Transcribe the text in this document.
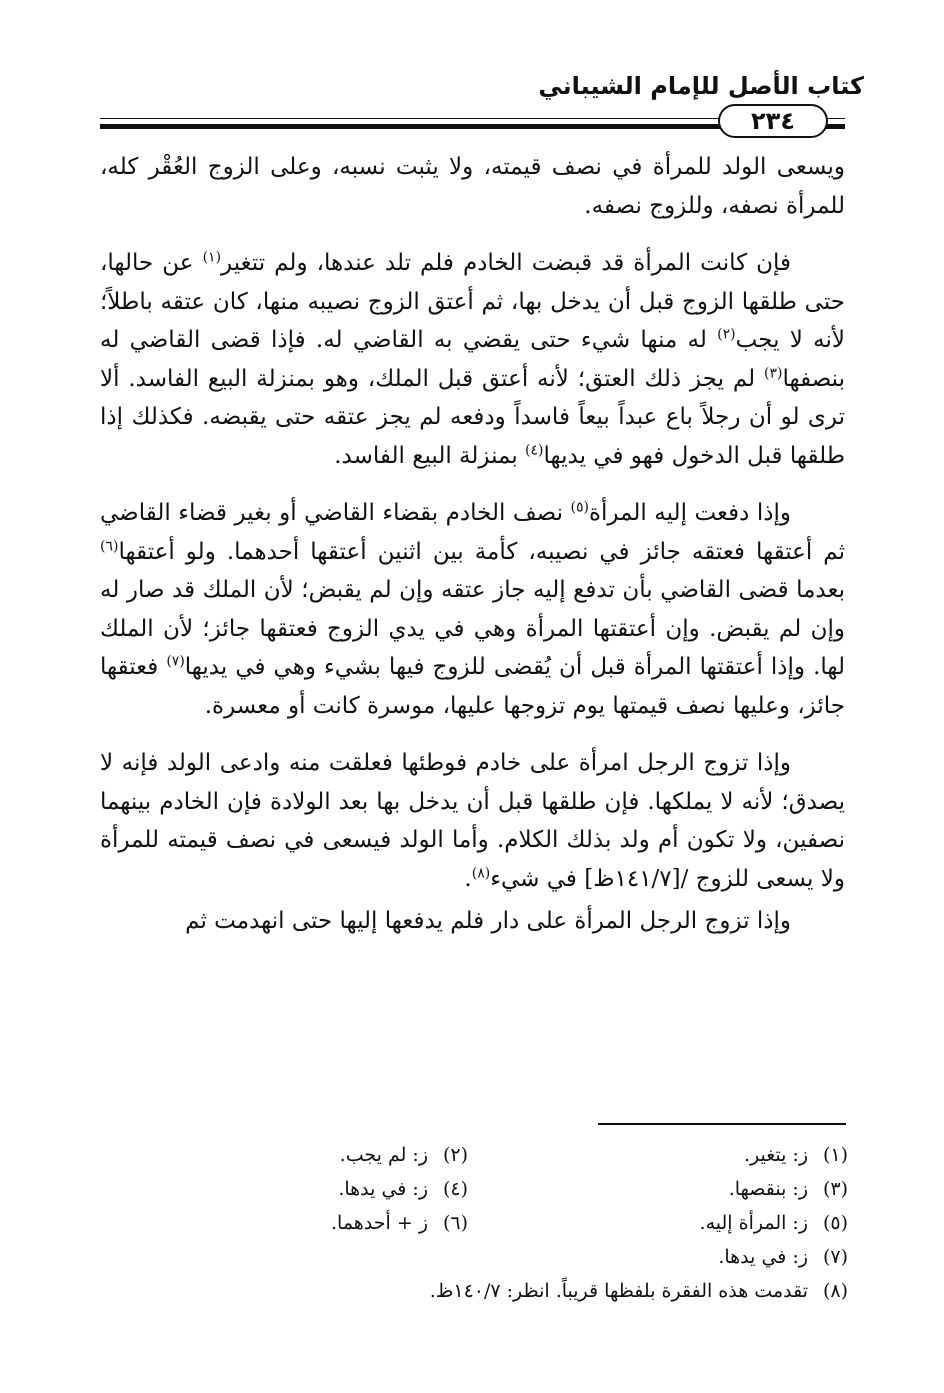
كتاب الأصل للإمام الشيباني
٢٣٤

ويسعى الولد للمرأة في نصف قيمته، ولا يثبت نسبه، وعلى الزوج العُقْر كله، للمرأة نصفه، وللزوج نصفه.

فإن كانت المرأة قد قبضت الخادم فلم تلد عندها، ولم تتغير$^{(١)}$ عن حالها، حتى طلقها الزوج قبل أن يدخل بها، ثم أعتق الزوج نصيبه منها، كان عتقه باطلاً؛ لأنه لا يجب$^{(٢)}$ له منها شيء حتى يقضي به القاضي له. فإذا قضى القاضي له بنصفها$^{(٣)}$ لم يجز ذلك العتق؛ لأنه أعتق قبل الملك، وهو بمنزلة البيع الفاسد. ألا ترى لو أن رجلاً باع عبداً بيعاً فاسداً ودفعه لم يجز عتقه حتى يقبضه. فكذلك إذا طلقها قبل الدخول فهو في يديها$^{(٤)}$ بمنزلة البيع الفاسد.

وإذا دفعت إليه المرأة$^{(٥)}$ نصف الخادم بقضاء القاضي أو بغير قضاء القاضي ثم أعتقها فعتقه جائز في نصيبه، كأمة بين اثنين أعتقها أحدهما. ولو أعتقها$^{(٦)}$ بعدما قضى القاضي بأن تدفع إليه جاز عتقه وإن لم يقبض؛ لأن الملك قد صار له وإن لم يقبض. وإن أعتقتها المرأة وهي في يدي الزوج فعتقها جائز؛ لأن الملك لها. وإذا أعتقتها المرأة قبل أن يُقضى للزوج فيها بشيء وهي في يديها$^{(٧)}$ فعتقها جائز، وعليها نصف قيمتها يوم تزوجها عليها، موسرة كانت أو معسرة.

وإذا تزوج الرجل امرأة على خادم فوطئها فعلقت منه وادعى الولد فإنه لا يصدق؛ لأنه لا يملكها. فإن طلقها قبل أن يدخل بها بعد الولادة فإن الخادم بينهما نصفين، ولا تكون أم ولد بذلك الكلام. وأما الولد فيسعى في نصف قيمته للمرأة ولا يسعى للزوج /[١٤١/٧ظ] في شيء$^{(٨)}$.

وإذا تزوج الرجل المرأة على دار فلم يدفعها إليها حتى انهدمت ثم

(١)ز: يتغير.
(٢)ز: لم يجب.
(٣)ز: بنقصها.
(٤)ز: في يدها.
(٥)ز: المرأة إليه.
(٦)ز + أحدهما.
(٧)ز: في يدها.
(٨)تقدمت هذه الفقرة بلفظها قريباً. انظر: ١٤٠/٧ظ.
